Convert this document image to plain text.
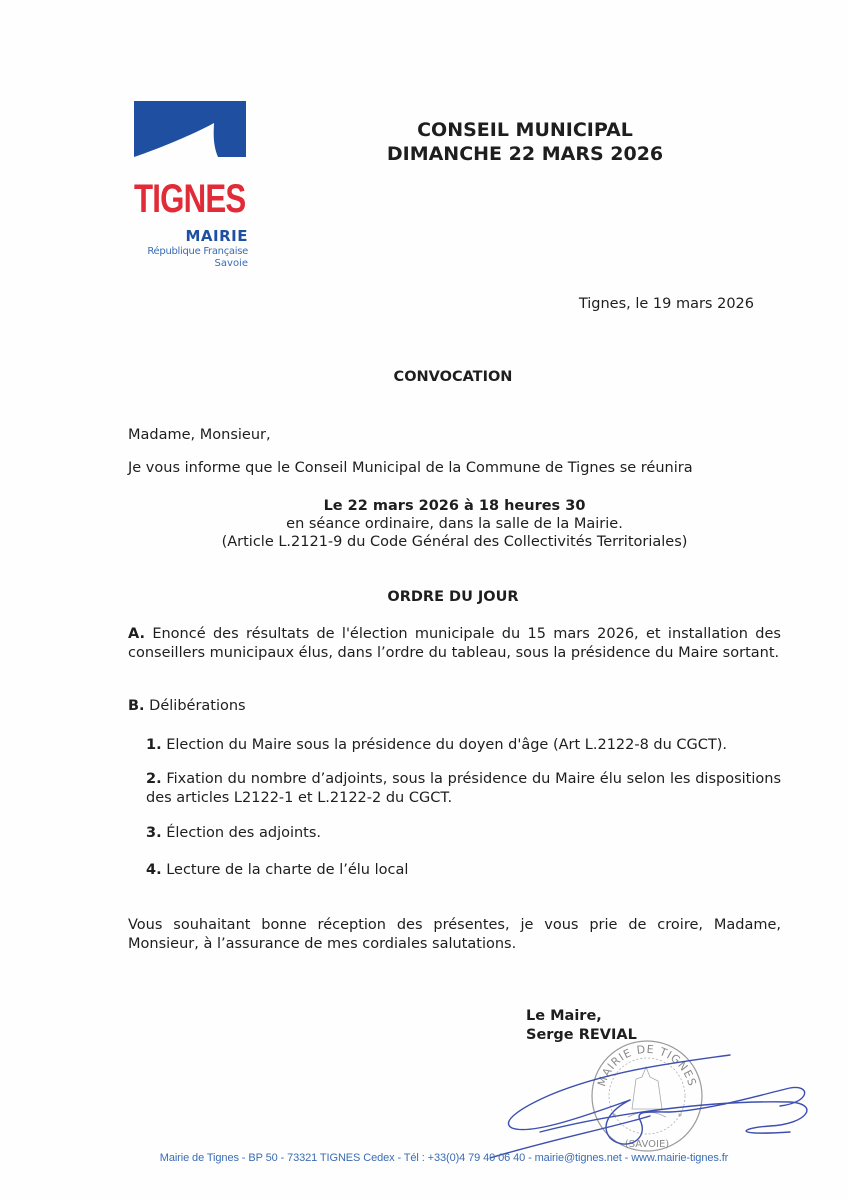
TIGNES
MAIRIE
République Française
Savoie
CONSEIL MUNICIPAL
DIMANCHE 22 MARS 2026
Tignes, le 19 mars 2026
CONVOCATION
Madame, Monsieur,
Je vous informe que le Conseil Municipal de la Commune de Tignes se réunira
Le 22 mars 2026 à 18 heures 30
en séance ordinaire, dans la salle de la Mairie.
(Article L.2121-9 du Code Général des Collectivités Territoriales)
ORDRE DU JOUR
A. Enoncé des résultats de l'élection municipale du 15 mars 2026, et installation des conseillers municipaux élus, dans l’ordre du tableau, sous la présidence du Maire sortant.
B. Délibérations
1. Election du Maire sous la présidence du doyen d'âge (Art L.2122-8 du CGCT).
2. Fixation du nombre d’adjoints, sous la présidence du Maire élu selon les dispositions des articles L2122-1 et L.2122-2 du CGCT.
3. Élection des adjoints.
4. Lecture de la charte de l’élu local
Vous souhaitant bonne réception des présentes, je vous prie de croire, Madame, Monsieur, à l’assurance de mes cordiales salutations.
Le Maire,
Serge REVIAL
MAIRIE DE TIGNES
(SAVOIE)
*	*
Mairie de Tignes - BP 50 - 73321 TIGNES Cedex - Tél : +33(0)4 79 40 06 40 - mairie@tignes.net - www.mairie-tignes.fr
